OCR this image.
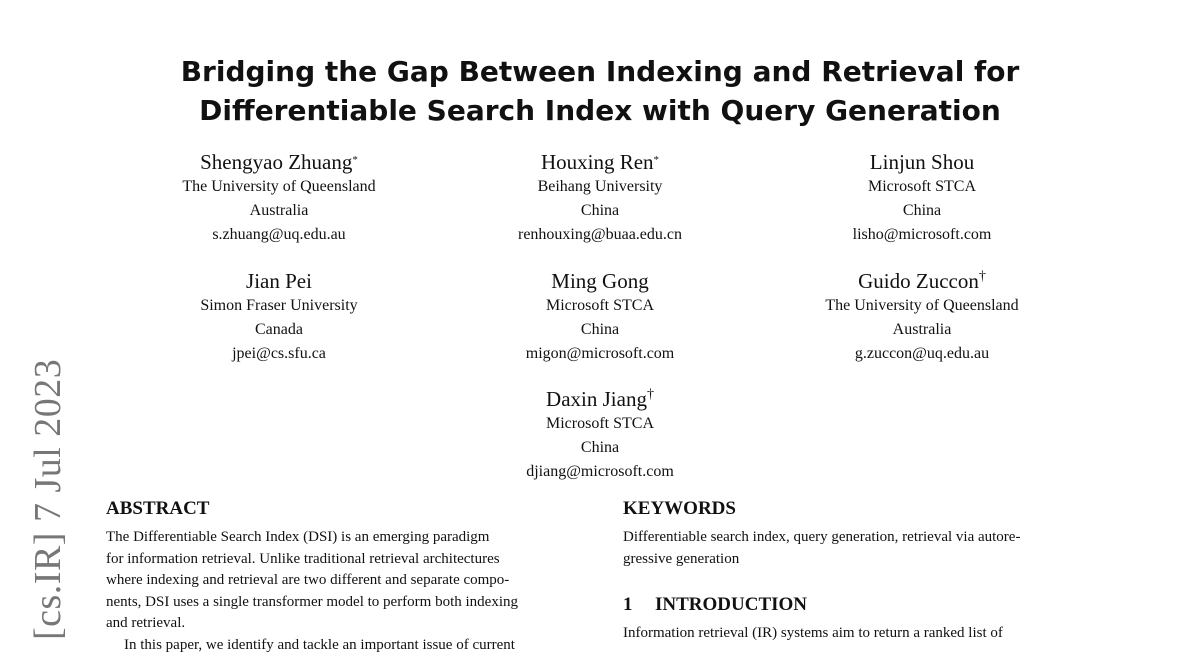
[cs.IR] 7 Jul 2023
Bridging the Gap Between Indexing and Retrieval for
Differentiable Search Index with Query Generation
Shengyao Zhuang*
The University of Queensland
Australia
s.zhuang@uq.edu.au
Houxing Ren*
Beihang University
China
renhouxing@buaa.edu.cn
Linjun Shou
Microsoft STCA
China
lisho@microsoft.com
Jian Pei
Simon Fraser University
Canada
jpei@cs.sfu.ca
Ming Gong
Microsoft STCA
China
migon@microsoft.com
Guido Zuccon†
The University of Queensland
Australia
g.zuccon@uq.edu.au
Daxin Jiang†
Microsoft STCA
China
djiang@microsoft.com
ABSTRACT
The Differentiable Search Index (DSI) is an emerging paradigm
for information retrieval. Unlike traditional retrieval architectures
where indexing and retrieval are two different and separate compo-
nents, DSI uses a single transformer model to perform both indexing
and retrieval.
In this paper, we identify and tackle an important issue of current
KEYWORDS
Differentiable search index, query generation, retrieval via autore-
gressive generation
1 INTRODUCTION
Information retrieval (IR) systems aim to return a ranked list of
